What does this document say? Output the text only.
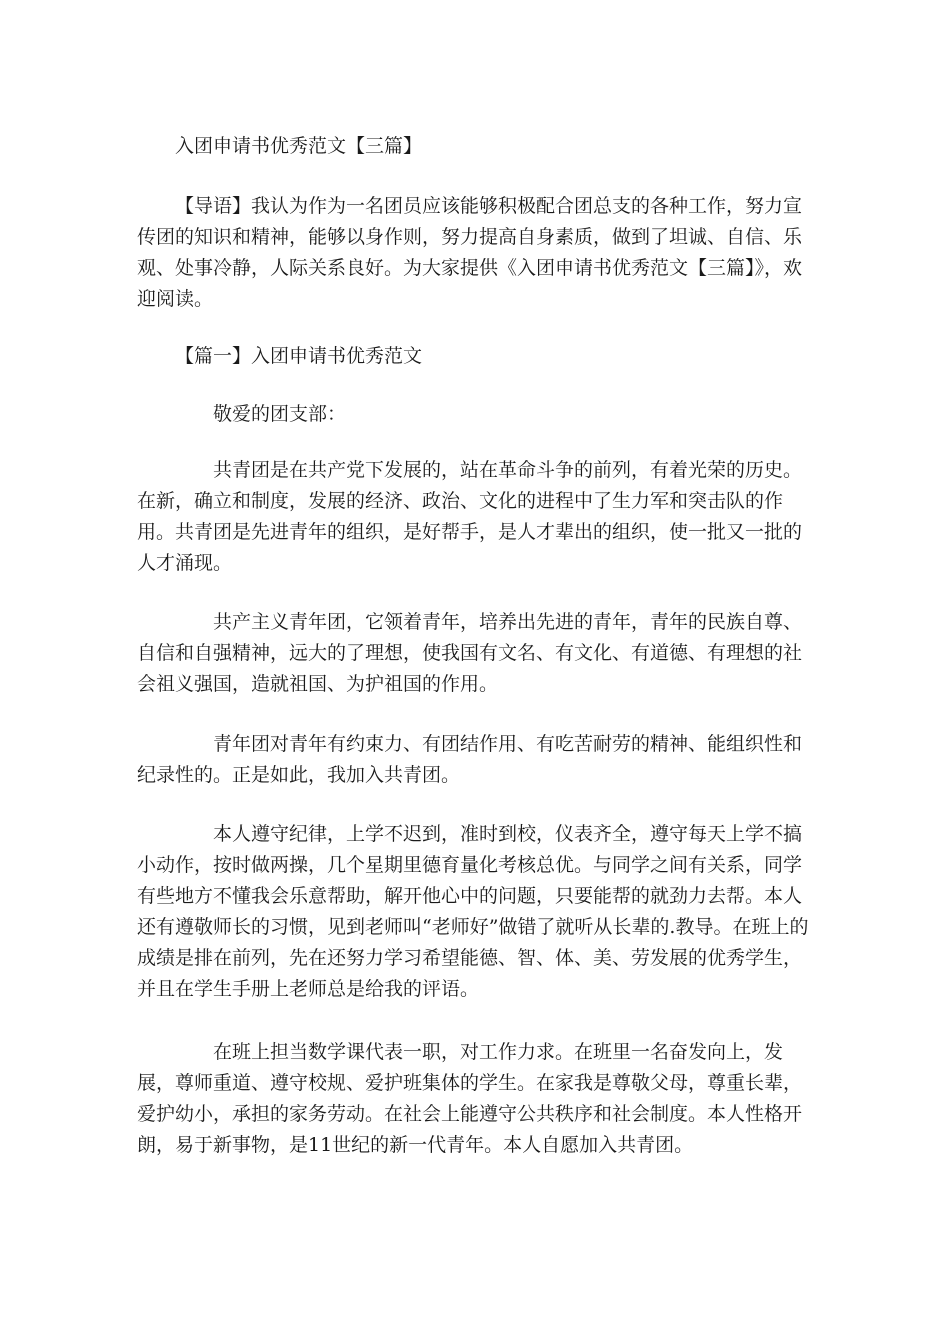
入团申请书优秀范文【三篇】

【导语】我认为作为一名团员应该能够积极配合团总支的各种工作，努力宣传团的知识和精神，能够以身作则，努力提高自身素质，做到了坦诚、自信、乐观、处事冷静，人际关系良好。为大家提供《入团申请书优秀范文【三篇】》，欢迎阅读。

【篇一】入团申请书优秀范文
敬爱的团支部：

共青团是在共产党下发展的，站在革命斗争的前列，有着光荣的历史。在新，确立和制度，发展的经济、政治、文化的进程中了生力军和突击队的作用。共青团是先进青年的组织，是好帮手，是人才辈出的组织，使一批又一批的人才涌现。

共产主义青年团，它领着青年，培养出先进的青年，青年的民族自尊、自信和自强精神，远大的了理想，使我国有文名、有文化、有道德、有理想的社会祖义强国，造就祖国、为护祖国的作用。

青年团对青年有约束力、有团结作用、有吃苦耐劳的精神、能组织性和纪录性的。正是如此，我加入共青团。

本人遵守纪律，上学不迟到，准时到校，仪表齐全，遵守每天上学不搞小动作，按时做两操，几个星期里德育量化考核总优。与同学之间有关系，同学有些地方不懂我会乐意帮助，解开他心中的问题，只要能帮的就劲力去帮。本人还有遵敬师长的习惯，见到老师叫“老师好”做错了就听从长辈的.教导。在班上的成绩是排在前列，先在还努力学习希望能德、智、体、美、劳发展的优秀学生，并且在学生手册上老师总是给我的评语。

在班上担当数学课代表一职，对工作力求。在班里一名奋发向上，发展，尊师重道、遵守校规、爱护班集体的学生。在家我是尊敬父母，尊重长辈，爱护幼小，承担的家务劳动。在社会上能遵守公共秩序和社会制度。本人性格开朗，易于新事物，是11世纪的新一代青年。本人自愿加入共青团。
